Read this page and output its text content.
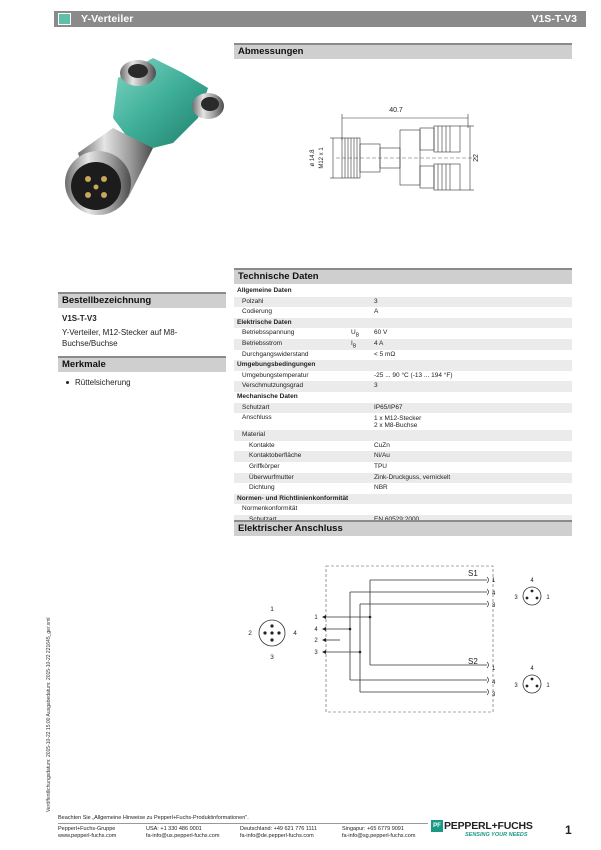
Y-Verteiler	V1S-T-V3
Abmessungen
40.7
22
ø 14.8 M12 x 1
Technische Daten
Allgemeine Daten
Polzahl	3
Codierung	A
Elektrische Daten
Betriebsspannung	$U_B$ 60 V
Betriebsstrom	$I_B$	4 A
Durchgangswiderstand	< 5 mΩ
Umgebungsbedingungen
Umgebungstemperatur	-25 ... 90 °C (-13 ... 194 °F)
Verschmutzungsgrad	3
Mechanische Daten
Schutzart	IP65/IP67
Anschluss	1 x M12-Stecker
2 x M8-Buchse
Material
Kontakte	CuZn
Kontaktoberfläche	Ni/Au
Griffkörper	TPU
Überwurfmutter	Zink-Druckguss, vernickelt
Dichtung	NBR
Normen- und Richtlinienkonformität
Normenkonformität
Bestellbezeichnung
V1S-T-V3
Y-Verteiler, M12-Stecker auf M8-Buchse/Buchse
Merkmale
Rüttelsicherung
Elektrischer Anschluss
1
2
3
4
1
4
2
3
S1
S2
1
4
3
1
4
3
4
3	1
4
3	1
Veröffentlichungsdatum: 2015-10-22 15:00 Ausgabedatum: 2015-10-22 221645_ger.xml
Beachten Sie „Allgemeine Hinweise zu Pepperl+Fuchs-Produktinformationen".
Pepperl+Fuchs-Gruppe
www.pepperl-fuchs.com
USA: +1 330 486 0001
fa-info@us.pepperl-fuchs.com
Deutschland: +49 621 776 1111
fa-info@de.pepperl-fuchs.com
Singapur: +65 6779 9091
fa-info@sg.pepperl-fuchs.com
PF PEPPERL+FUCHS
SENSING YOUR NEEDS	1
